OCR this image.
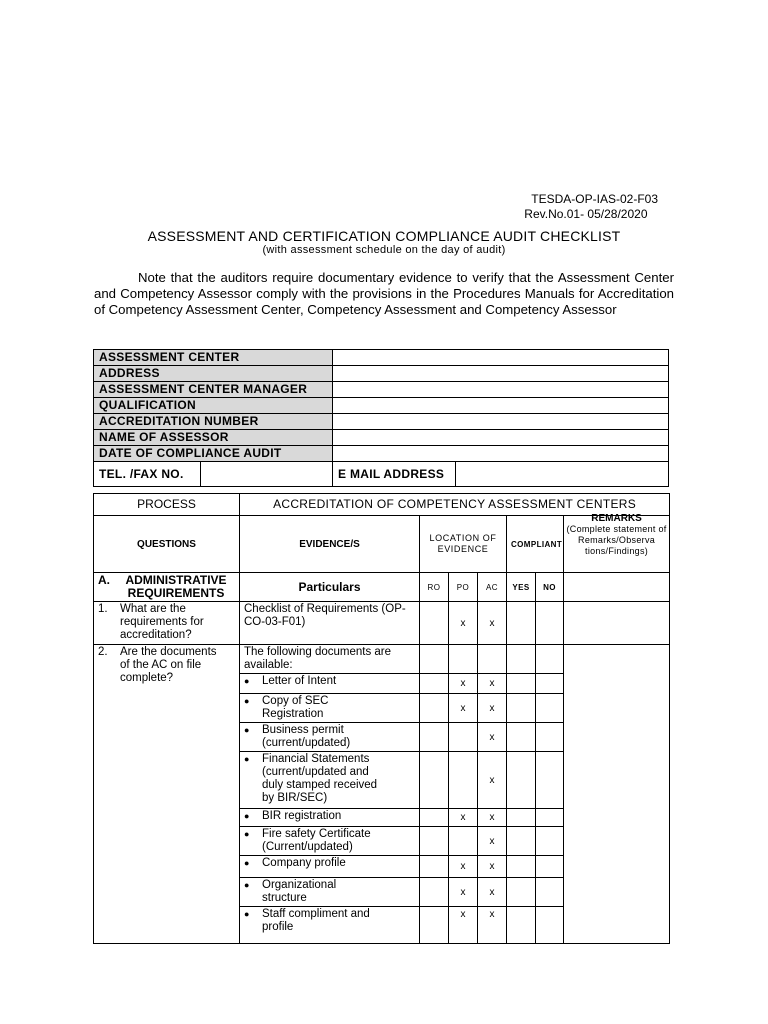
TESDA-OP-IAS-02-F03
Rev.No.01- 05/28/2020
ASSESSMENT AND CERTIFICATION COMPLIANCE AUDIT CHECKLIST
(with assessment schedule on the day of audit)
Note that the auditors require documentary evidence to verify that the Assessment Center and Competency Assessor comply with the provisions in the Procedures Manuals for Accreditation of Competency Assessment Center, Competency Assessment and Competency Assessor
ASSESSMENT CENTER		
ADDRESS		
ASSESSMENT CENTER MANAGER		
QUALIFICATION		
ACCREDITATION NUMBER		
NAME OF ASSESSOR		
DATE OF COMPLIANCE AUDIT		

TEL. /FAX NO.	E MAIL ADDRESS	
PROCESS	ACCREDITATION OF COMPETENCY ASSESSMENT CENTERS						
QUESTIONS	EVIDENCE/S	LOCATION OF EVIDENCE			COMPLIANT		REMARKS
(Complete statement of Remarks/Observa tions/Findings)

A. ADMINISTRATIVE REQUIREMENTS	Particulars	RO	PO	AC	YES	NO	
1. What are the requirements for accreditation?	Checklist of Requirements (OP-CO-03-F01)		x	x			
2. Are the documents of the AC on file complete?	The following documents are available:						
	● Letter of Intent		x	x			
	● Copy of SEC Registration		x	x			
	● Business permit (current/updated)			x			
	● Financial Statements (current/updated and duly stamped received by BIR/SEC)			x			
	● BIR registration		x	x			
	● Fire safety Certificate (Current/updated)			x			
	● Company profile		x	x			
	● Organizational structure		x	x			
	● Staff compliment and profile		x	x			
